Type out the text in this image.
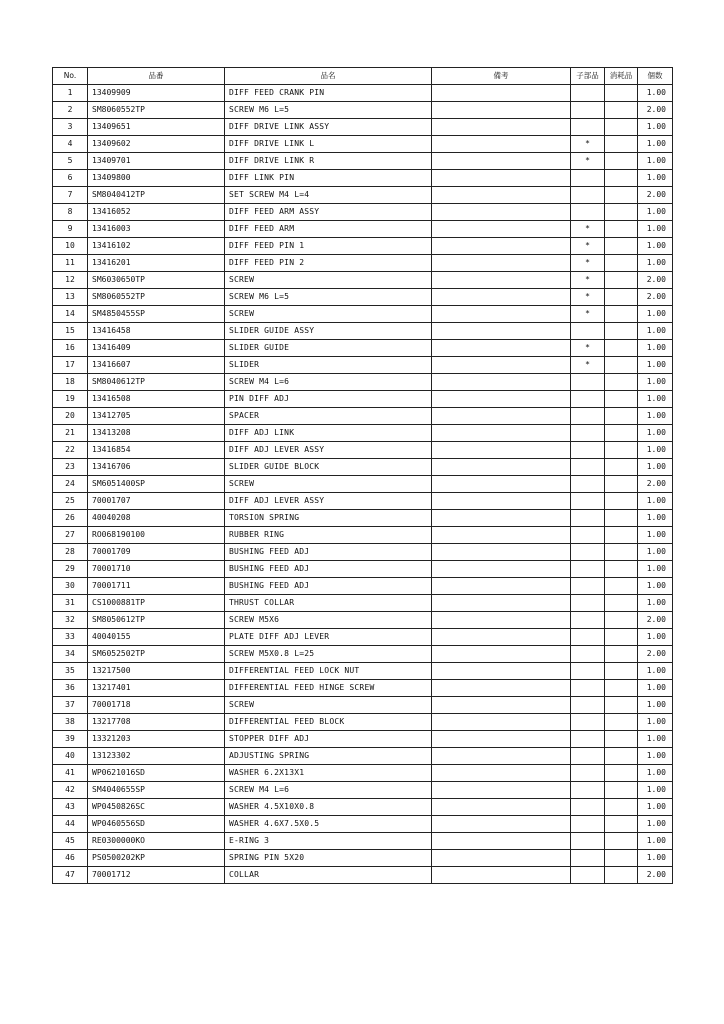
No.	品番	品名	備考	子部品	消耗品	個数
1	13409909	DIFF FEED CRANK PIN				1.00
2	SM8060552TP	SCREW M6 L=5				2.00
3	13409651	DIFF DRIVE LINK ASSY				1.00
4	13409602	DIFF DRIVE LINK L		*		1.00
5	13409701	DIFF DRIVE LINK R		*		1.00
6	13409800	DIFF LINK PIN				1.00
7	SM8040412TP	SET SCREW M4 L=4				2.00
8	13416052	DIFF FEED ARM ASSY				1.00
9	13416003	DIFF FEED ARM		*		1.00
10	13416102	DIFF FEED PIN 1		*		1.00
11	13416201	DIFF FEED PIN 2		*		1.00
12	SM6030650TP	SCREW		*		2.00
13	SM8060552TP	SCREW M6 L=5		*		2.00
14	SM4850455SP	SCREW		*		1.00
15	13416458	SLIDER GUIDE ASSY				1.00
16	13416409	SLIDER GUIDE		*		1.00
17	13416607	SLIDER		*		1.00
18	SM8040612TP	SCREW M4 L=6				1.00
19	13416508	PIN DIFF ADJ				1.00
20	13412705	SPACER				1.00
21	13413208	DIFF ADJ LINK				1.00
22	13416854	DIFF ADJ LEVER ASSY				1.00
23	13416706	SLIDER GUIDE BLOCK				1.00
24	SM6051400SP	SCREW				2.00
25	70001707	DIFF ADJ LEVER ASSY				1.00
26	40040208	TORSION SPRING				1.00
27	RO068190100	RUBBER RING				1.00
28	70001709	BUSHING FEED ADJ				1.00
29	70001710	BUSHING FEED ADJ				1.00
30	70001711	BUSHING FEED ADJ				1.00
31	CS1000881TP	THRUST COLLAR				1.00
32	SM8050612TP	SCREW M5X6				2.00
33	40040155	PLATE DIFF ADJ LEVER				1.00
34	SM6052502TP	SCREW M5X0.8 L=25				2.00
35	13217500	DIFFERENTIAL FEED LOCK NUT				1.00
36	13217401	DIFFERENTIAL FEED HINGE SCREW				1.00
37	70001718	SCREW				1.00
38	13217708	DIFFERENTIAL FEED BLOCK				1.00
39	13321203	STOPPER DIFF ADJ				1.00
40	13123302	ADJUSTING SPRING				1.00
41	WP0621016SD	WASHER 6.2X13X1				1.00
42	SM4040655SP	SCREW M4 L=6				1.00
43	WP0450826SC	WASHER 4.5X10X0.8				1.00
44	WP0460556SD	WASHER 4.6X7.5X0.5				1.00
45	RE0300000KO	E-RING 3				1.00
46	PS0500202KP	SPRING PIN 5X20				1.00
47	70001712	COLLAR				2.00
